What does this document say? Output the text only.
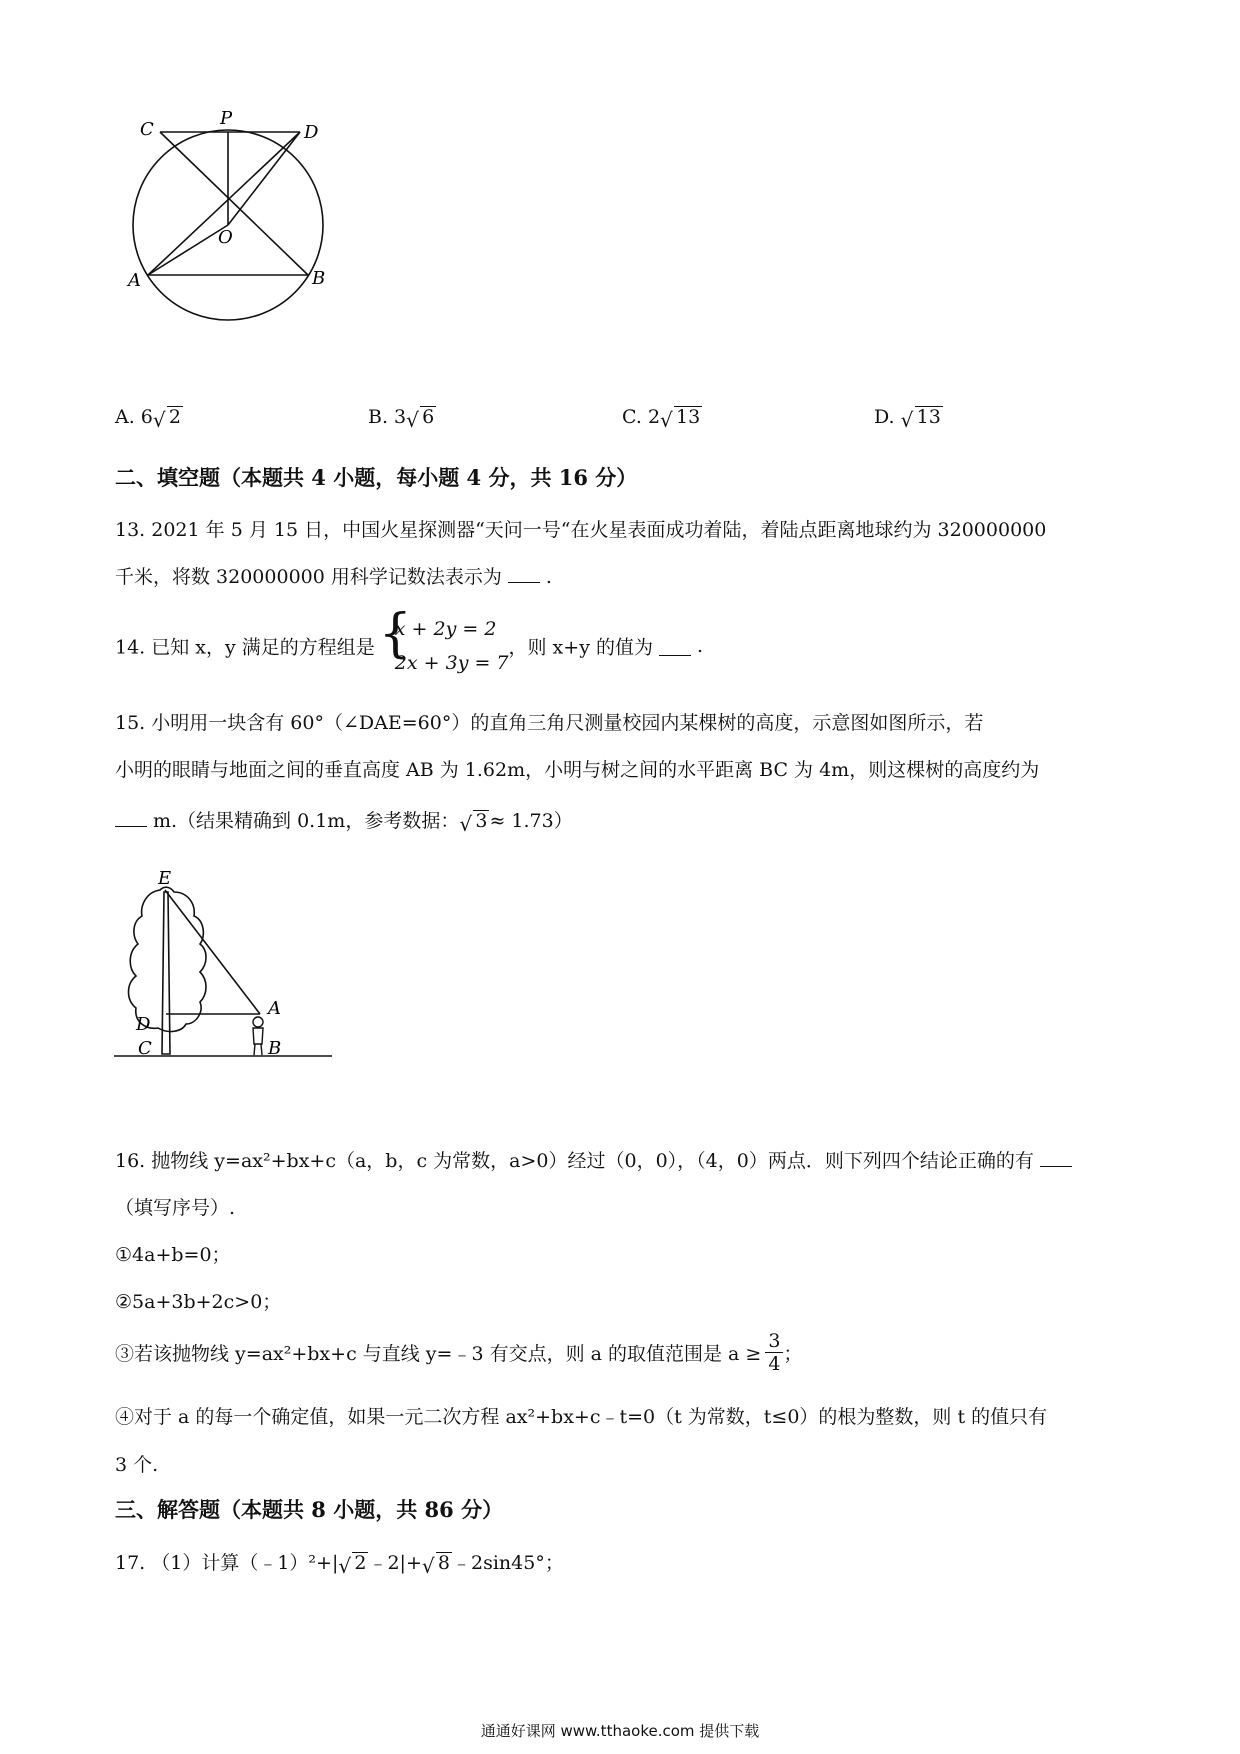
C
P
D
O
A	B
A. 6 √ 2	B. 3 √ 6	C. 2 √ 13	D. √ 13
二、填空题（本题共 4 小题，每小题 4 分，共 16 分）
13. 2021 年 5 月 15 日，中国火星探测器“天问一号“在火星表面成功着陆，着陆点距离地球约为 320000000
千米，将数 320000000 用科学记数法表示为 .
14. 已知 x，y 满足的方程组是 {
x + 2y = 2
2x + 3y = 7
，则 x+y 的值为 .
15. 小明用一块含有 60°（∠DAE=60°）的直角三角尺测量校园内某棵树的高度，示意图如图所示，若
小明的眼睛与地面之间的垂直高度 AB 为 1.62m，小明与树之间的水平距离 BC 为 4m，则这棵树的高度约为
m.（结果精确到 0.1m，参考数据： √ 3 ≈ 1.73）
E
D
A
C	B
16. 抛物线 y=ax²+bx+c（a，b，c 为常数，a>0）经过（0，0），（4，0）两点．则下列四个结论正确的有
（填写序号）.
①4a+b=0；
②5a+3b+2c>0；
③若该抛物线 y=ax²+bx+c 与直线 y=﹣3 有交点，则 a 的取值范围是 $a \ge \frac{3}{4}$ ；
④对于 a 的每一个确定值，如果一元二次方程 ax²+bx+c﹣t=0（t 为常数，t≤0）的根为整数，则 t 的值只有
3 个.
三、解答题（本题共 8 小题，共 86 分）
17. （1）计算（﹣1）²+| √ 2 ﹣2|+ √ 8 ﹣2sin45°；
通通好课网 www.tthaoke.com 提供下载
